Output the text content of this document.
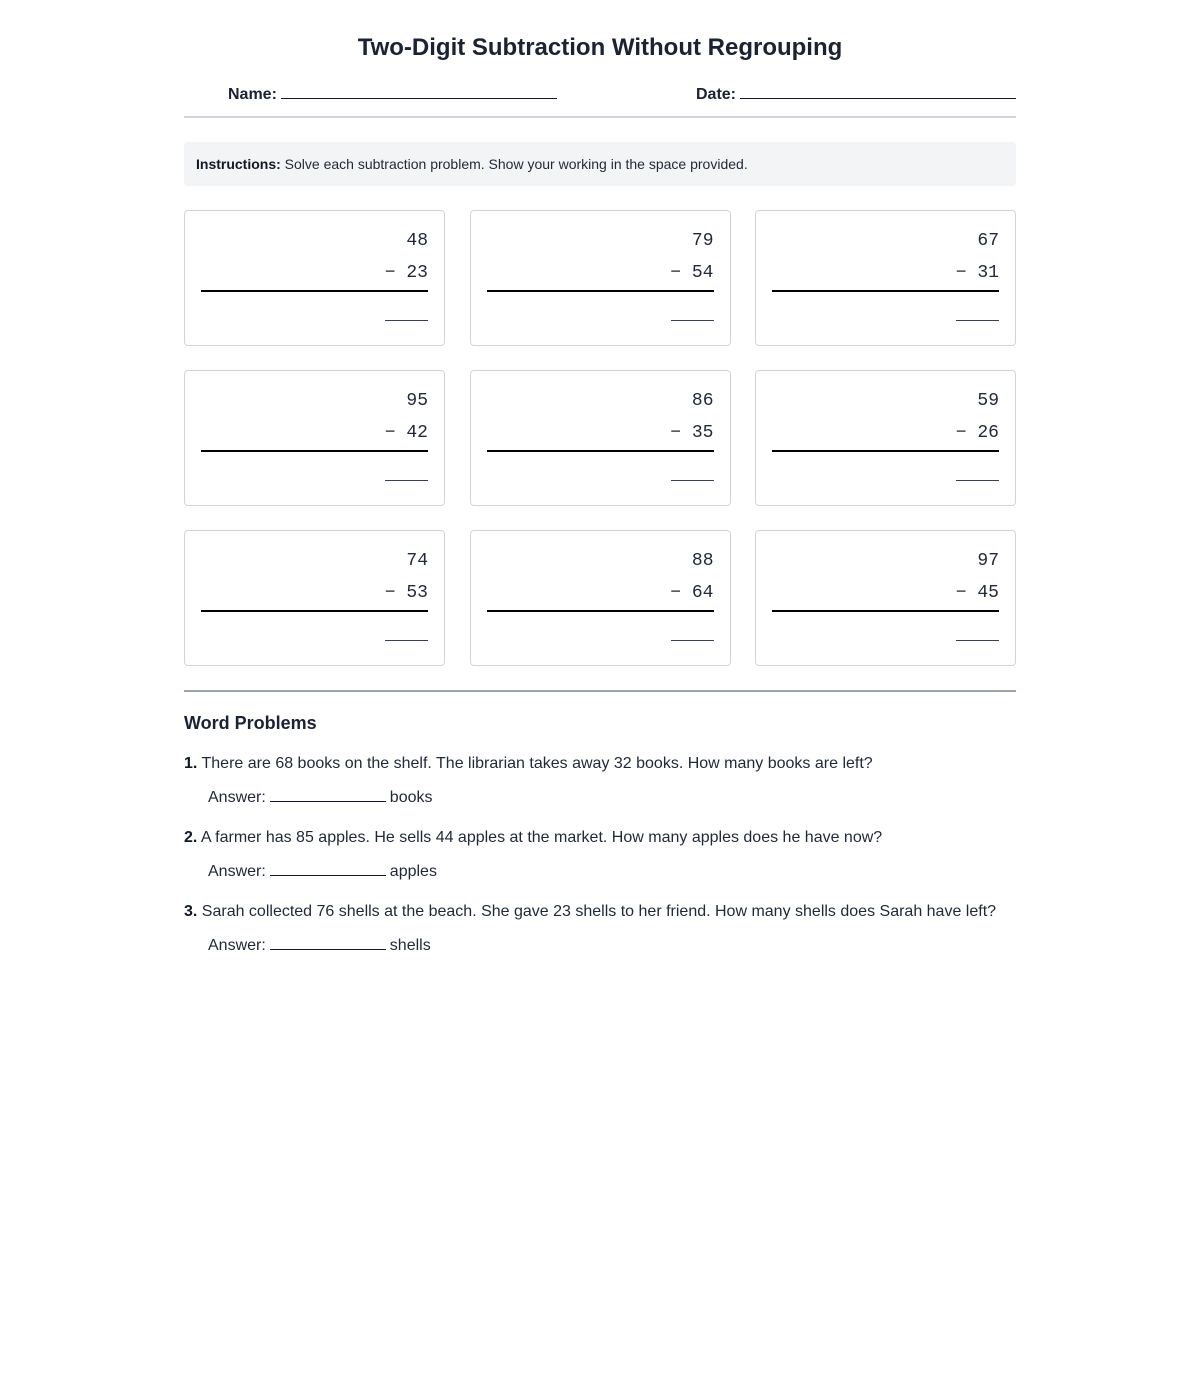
Two-Digit Subtraction Without Regrouping
Name:	Date:
Instructions: Solve each subtraction problem. Show your working in the space provided.
48
− 23
79
− 54
67
− 31
95
− 42
86
− 35
59
− 26
74
− 53
88
− 64
97
− 45
Word Problems
1. There are 68 books on the shelf. The librarian takes away 32 books. How many books are left?
Answer:	books
2. A farmer has 85 apples. He sells 44 apples at the market. How many apples does he have now?
Answer:	apples
3. Sarah collected 76 shells at the beach. She gave 23 shells to her friend. How many shells does Sarah have left?
Answer:	shells
